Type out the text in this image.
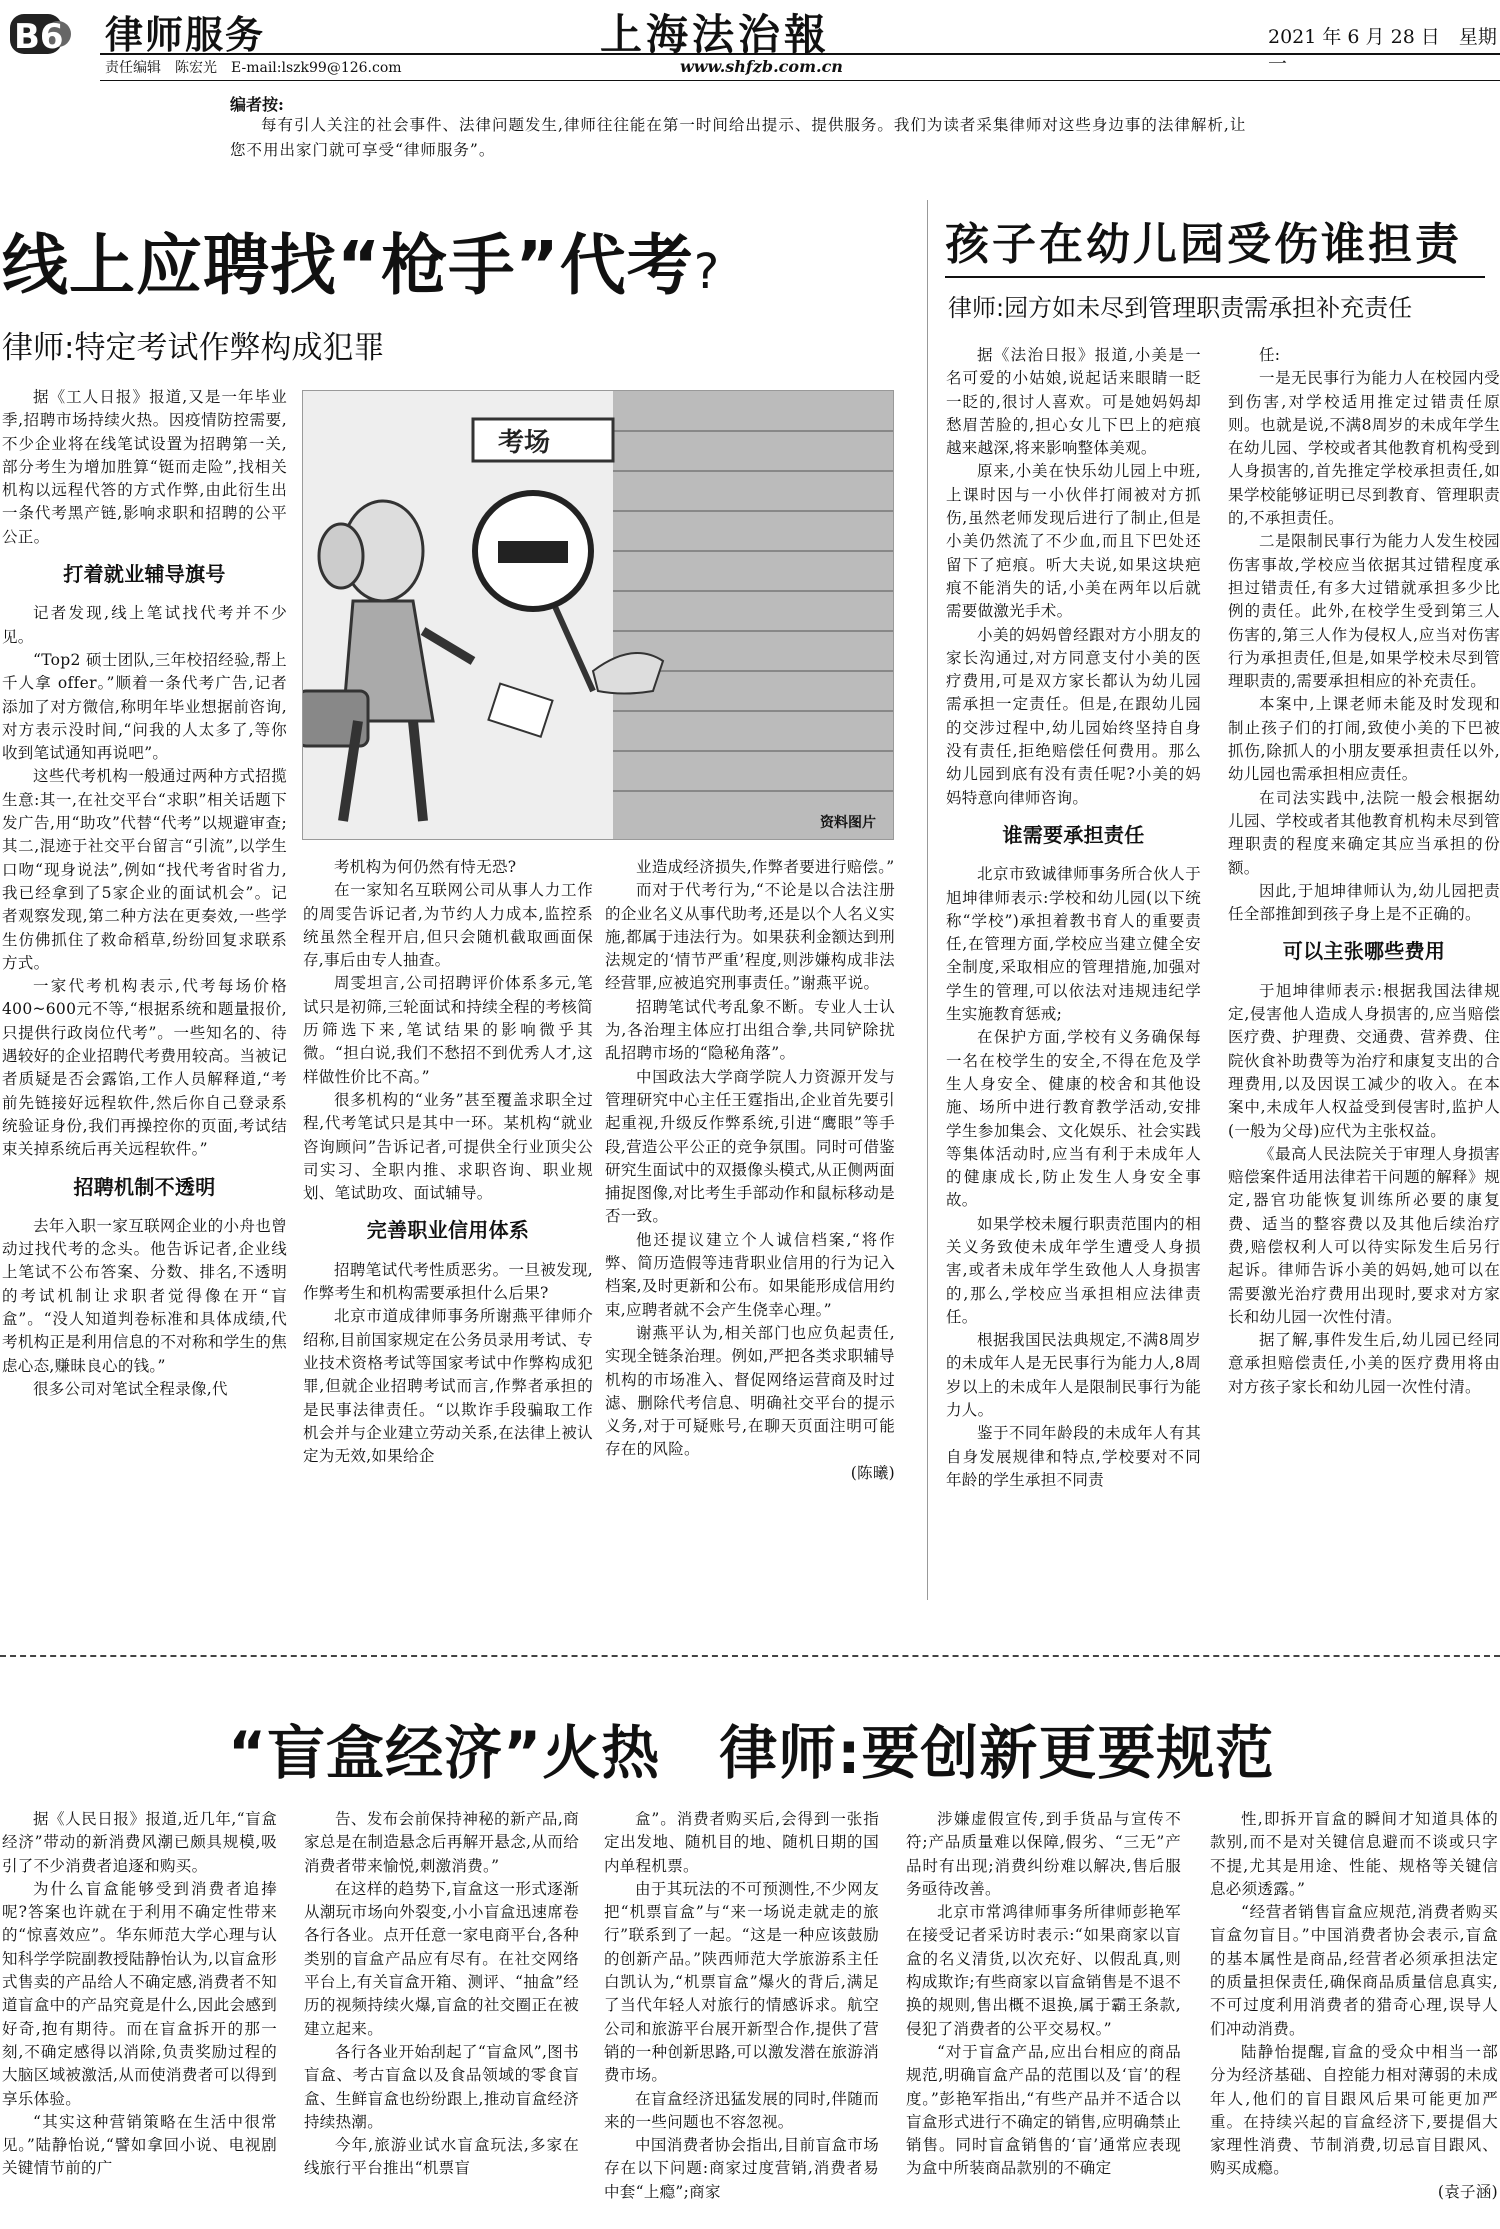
B6 律师服务
责任编辑　陈宏光　E-mail:lszk99@126.com
上海法治報
www.shfzb.com.cn
2021 年 6 月 28 日　星期一
编者按:
每有引人关注的社会事件、法律问题发生,律师往往能在第一时间给出提示、提供服务。我们为读者采集律师对这些身边事的法律解析,让您不用出家门就可享受“律师服务”。
线上应聘找“枪手”代考?
律师:特定考试作弊构成犯罪
考场
资料图片

据《工人日报》报道,又是一年毕业季,招聘市场持续火热。因疫情防控需要,不少企业将在线笔试设置为招聘第一关,部分考生为增加胜算“铤而走险”,找相关机构以远程代答的方式作弊,由此衍生出一条代考黑产链,影响求职和招聘的公平公正。

打着就业辅导旗号

记者发现,线上笔试找代考并不少见。

“Top2 硕士团队,三年校招经验,帮上千人拿 offer。”顺着一条代考广告,记者添加了对方微信,称明年毕业想据前咨询,对方表示没时间,“问我的人太多了,等你收到笔试通知再说吧”。

这些代考机构一般通过两种方式招揽生意:其一,在社交平台“求职”相关话题下发广告,用“助攻”代替“代考”以规避审查;其二,混迹于社交平台留言“引流”,以学生口吻“现身说法”,例如“找代考省时省力,我已经拿到了5家企业的面试机会”。记者观察发现,第二种方法在更奏效,一些学生仿佛抓住了救命稻草,纷纷回复求联系方式。

一家代考机构表示,代考每场价格400~600元不等,“根据系统和题量报价,只提供行政岗位代考”。一些知名的、待遇较好的企业招聘代考费用较高。当被记者质疑是否会露馅,工作人员解释道,“考前先链接好远程软件,然后你自己登录系统验证身份,我们再操控你的页面,考试结束关掉系统后再关远程软件。”

招聘机制不透明

去年入职一家互联网企业的小舟也曾动过找代考的念头。他告诉记者,企业线上笔试不公布答案、分数、排名,不透明的考试机制让求职者觉得像在开“盲盒”。“没人知道判卷标准和具体成绩,代考机构正是利用信息的不对称和学生的焦虑心态,赚昧良心的钱。”

很多公司对笔试全程录像,代

考机构为何仍然有恃无恐?

在一家知名互联网公司从事人力工作的周雯告诉记者,为节约人力成本,监控系统虽然全程开启,但只会随机截取画面保存,事后由专人抽查。

周雯坦言,公司招聘评价体系多元,笔试只是初筛,三轮面试和持续全程的考核简历筛选下来,笔试结果的影响微乎其微。“担白说,我们不愁招不到优秀人才,这样做性价比不高。”

很多机构的“业务”甚至覆盖求职全过程,代考笔试只是其中一环。某机构“就业咨询顾问”告诉记者,可提供全行业顶尖公司实习、全职内推、求职咨询、职业规划、笔试助攻、面试辅导。

完善职业信用体系

招聘笔试代考性质恶劣。一旦被发现,作弊考生和机构需要承担什么后果?

北京市道成律师事务所谢燕平律师介绍称,目前国家规定在公务员录用考试、专业技术资格考试等国家考试中作弊构成犯罪,但就企业招聘考试而言,作弊者承担的是民事法律责任。“以欺诈手段骗取工作机会并与企业建立劳动关系,在法律上被认定为无效,如果给企

业造成经济损失,作弊者要进行赔偿。”

而对于代考行为,“不论是以合法注册的企业名义从事代助考,还是以个人名义实施,都属于违法行为。如果获利金额达到刑法规定的‘情节严重’程度,则涉嫌构成非法经营罪,应被追究刑事责任。”谢燕平说。

招聘笔试代考乱象不断。专业人士认为,各治理主体应打出组合拳,共同铲除扰乱招聘市场的“隐秘角落”。

中国政法大学商学院人力资源开发与管理研究中心主任王霆指出,企业首先要引起重视,升级反作弊系统,引进“鹰眼”等手段,营造公平公正的竞争氛围。同时可借鉴研究生面试中的双摄像头模式,从正侧两面捕捉图像,对比考生手部动作和鼠标移动是否一致。

他还提议建立个人诚信档案,“将作弊、简历造假等违背职业信用的行为记入档案,及时更新和公布。如果能形成信用约束,应聘者就不会产生侥幸心理。”

谢燕平认为,相关部门也应负起责任,实现全链条治理。例如,严把各类求职辅导机构的市场准入、督促网络运营商及时过滤、删除代考信息、明确社交平台的提示义务,对于可疑账号,在聊天页面注明可能存在的风险。

(陈曦)

孩子在幼儿园受伤谁担责
律师:园方如未尽到管理职责需承担补充责任

据《法治日报》报道,小美是一名可爱的小姑娘,说起话来眼睛一眨一眨的,很讨人喜欢。可是她妈妈却愁眉苦脸的,担心女儿下巴上的疤痕越来越深,将来影响整体美观。

原来,小美在快乐幼儿园上中班,上课时因与一小伙伴打闹被对方抓伤,虽然老师发现后进行了制止,但是小美仍然流了不少血,而且下巴处还留下了疤痕。听大夫说,如果这块疤痕不能消失的话,小美在两年以后就需要做激光手术。

小美的妈妈曾经跟对方小朋友的家长沟通过,对方同意支付小美的医疗费用,可是双方家长都认为幼儿园需承担一定责任。但是,在跟幼儿园的交涉过程中,幼儿园始终坚持自身没有责任,拒绝赔偿任何费用。那么幼儿园到底有没有责任呢?小美的妈妈特意向律师咨询。

谁需要承担责任

北京市致诚律师事务所合伙人于旭坤律师表示:学校和幼儿园(以下统称“学校”)承担着教书育人的重要责任,在管理方面,学校应当建立健全安全制度,采取相应的管理措施,加强对学生的管理,可以依法对违规违纪学生实施教育惩戒;

在保护方面,学校有义务确保每一名在校学生的安全,不得在危及学生人身安全、健康的校舍和其他设施、场所中进行教育教学活动,安排学生参加集会、文化娱乐、社会实践等集体活动时,应当有利于未成年人的健康成长,防止发生人身安全事故。

如果学校未履行职责范围内的相关义务致使未成年学生遭受人身损害,或者未成年学生致他人人身损害的,那么,学校应当承担相应法律责任。

根据我国民法典规定,不满8周岁的未成年人是无民事行为能力人,8周岁以上的未成年人是限制民事行为能力人。

鉴于不同年龄段的未成年人有其自身发展规律和特点,学校要对不同年龄的学生承担不同责

任:

一是无民事行为能力人在校园内受到伤害,对学校适用推定过错责任原则。也就是说,不满8周岁的未成年学生在幼儿园、学校或者其他教育机构受到人身损害的,首先推定学校承担责任,如果学校能够证明已尽到教育、管理职责的,不承担责任。

二是限制民事行为能力人发生校园伤害事故,学校应当依据其过错程度承担过错责任,有多大过错就承担多少比例的责任。此外,在校学生受到第三人伤害的,第三人作为侵权人,应当对伤害行为承担责任,但是,如果学校未尽到管理职责的,需要承担相应的补充责任。

本案中,上课老师未能及时发现和制止孩子们的打闹,致使小美的下巴被抓伤,除抓人的小朋友要承担责任以外,幼儿园也需承担相应责任。

在司法实践中,法院一般会根据幼儿园、学校或者其他教育机构未尽到管理职责的程度来确定其应当承担的份额。

因此,于旭坤律师认为,幼儿园把责任全部推卸到孩子身上是不正确的。

可以主张哪些费用

于旭坤律师表示:根据我国法律规定,侵害他人造成人身损害的,应当赔偿医疗费、护理费、交通费、营养费、住院伙食补助费等为治疗和康复支出的合理费用,以及因误工减少的收入。在本案中,未成年人权益受到侵害时,监护人(一般为父母)应代为主张权益。

《最高人民法院关于审理人身损害赔偿案件适用法律若干问题的解释》规定,器官功能恢复训练所必要的康复费、适当的整容费以及其他后续治疗费,赔偿权利人可以待实际发生后另行起诉。律师告诉小美的妈妈,她可以在需要激光治疗费用出现时,要求对方家长和幼儿园一次性付清。

据了解,事件发生后,幼儿园已经同意承担赔偿责任,小美的医疗费用将由对方孩子家长和幼儿园一次性付清。

“盲盒经济”火热　律师:要创新更要规范

据《人民日报》报道,近几年,“盲盒经济”带动的新消费风潮已颇具规模,吸引了不少消费者追逐和购买。

为什么盲盒能够受到消费者追捧呢?答案也许就在于利用不确定性带来的“惊喜效应”。华东师范大学心理与认知科学学院副教授陆静怡认为,以盲盒形式售卖的产品给人不确定感,消费者不知道盲盒中的产品究竟是什么,因此会感到好奇,抱有期待。而在盲盒拆开的那一刻,不确定感得以消除,负责奖励过程的大脑区域被激活,从而使消费者可以得到享乐体验。

“其实这种营销策略在生活中很常见。”陆静怡说,“譬如拿回小说、电视剧关键情节前的广

告、发布会前保持神秘的新产品,商家总是在制造悬念后再解开悬念,从而给消费者带来愉悦,刺激消费。”

在这样的趋势下,盲盒这一形式逐渐从潮玩市场向外裂变,小小盲盒迅速席卷各行各业。点开任意一家电商平台,各种类别的盲盒产品应有尽有。在社交网络平台上,有关盲盒开箱、测评、“抽盒”经历的视频持续火爆,盲盒的社交圈正在被建立起来。

各行各业开始刮起了“盲盒风”,图书盲盒、考古盲盒以及食品领域的零食盲盒、生鲜盲盒也纷纷跟上,推动盲盒经济持续热潮。

今年,旅游业试水盲盒玩法,多家在线旅行平台推出“机票盲

盒”。消费者购买后,会得到一张指定出发地、随机目的地、随机日期的国内单程机票。

由于其玩法的不可预测性,不少网友把“机票盲盒”与“来一场说走就走的旅行”联系到了一起。“这是一种应该鼓励的创新产品。”陕西师范大学旅游系主任白凯认为,“机票盲盒”爆火的背后,满足了当代年轻人对旅行的情感诉求。航空公司和旅游平台展开新型合作,提供了营销的一种创新思路,可以激发潜在旅游消费市场。

在盲盒经济迅猛发展的同时,伴随而来的一些问题也不容忽视。

中国消费者协会指出,目前盲盒市场存在以下问题:商家过度营销,消费者易中套“上瘾”;商家

涉嫌虚假宣传,到手货品与宣传不符;产品质量难以保障,假劣、“三无”产品时有出现;消费纠纷难以解决,售后服务亟待改善。

北京市常鸿律师事务所律师彭艳军在接受记者采访时表示:“如果商家以盲盒的名义清货,以次充好、以假乱真,则构成欺诈;有些商家以盲盒销售是不退不换的规则,售出概不退换,属于霸王条款,侵犯了消费者的公平交易权。”

“对于盲盒产品,应出台相应的商品规范,明确盲盒产品的范围以及‘盲’的程度。”彭艳军指出,“有些产品并不适合以盲盒形式进行不确定的销售,应明确禁止销售。同时盲盒销售的‘盲’通常应表现为盒中所装商品款别的不确定

性,即拆开盲盒的瞬间才知道具体的款别,而不是对关键信息避而不谈或只字不提,尤其是用途、性能、规格等关键信息必须透露。”

“经营者销售盲盒应规范,消费者购买盲盒勿盲目。”中国消费者协会表示,盲盒的基本属性是商品,经营者必须承担法定的质量担保责任,确保商品质量信息真实,不可过度利用消费者的猎奇心理,误导人们冲动消费。

陆静怡提醒,盲盒的受众中相当一部分为经济基础、自控能力相对薄弱的未成年人,他们的盲目跟风后果可能更加严重。在持续兴起的盲盒经济下,要提倡大家理性消费、节制消费,切忌盲目跟风、购买成瘾。

(袁子涵)
